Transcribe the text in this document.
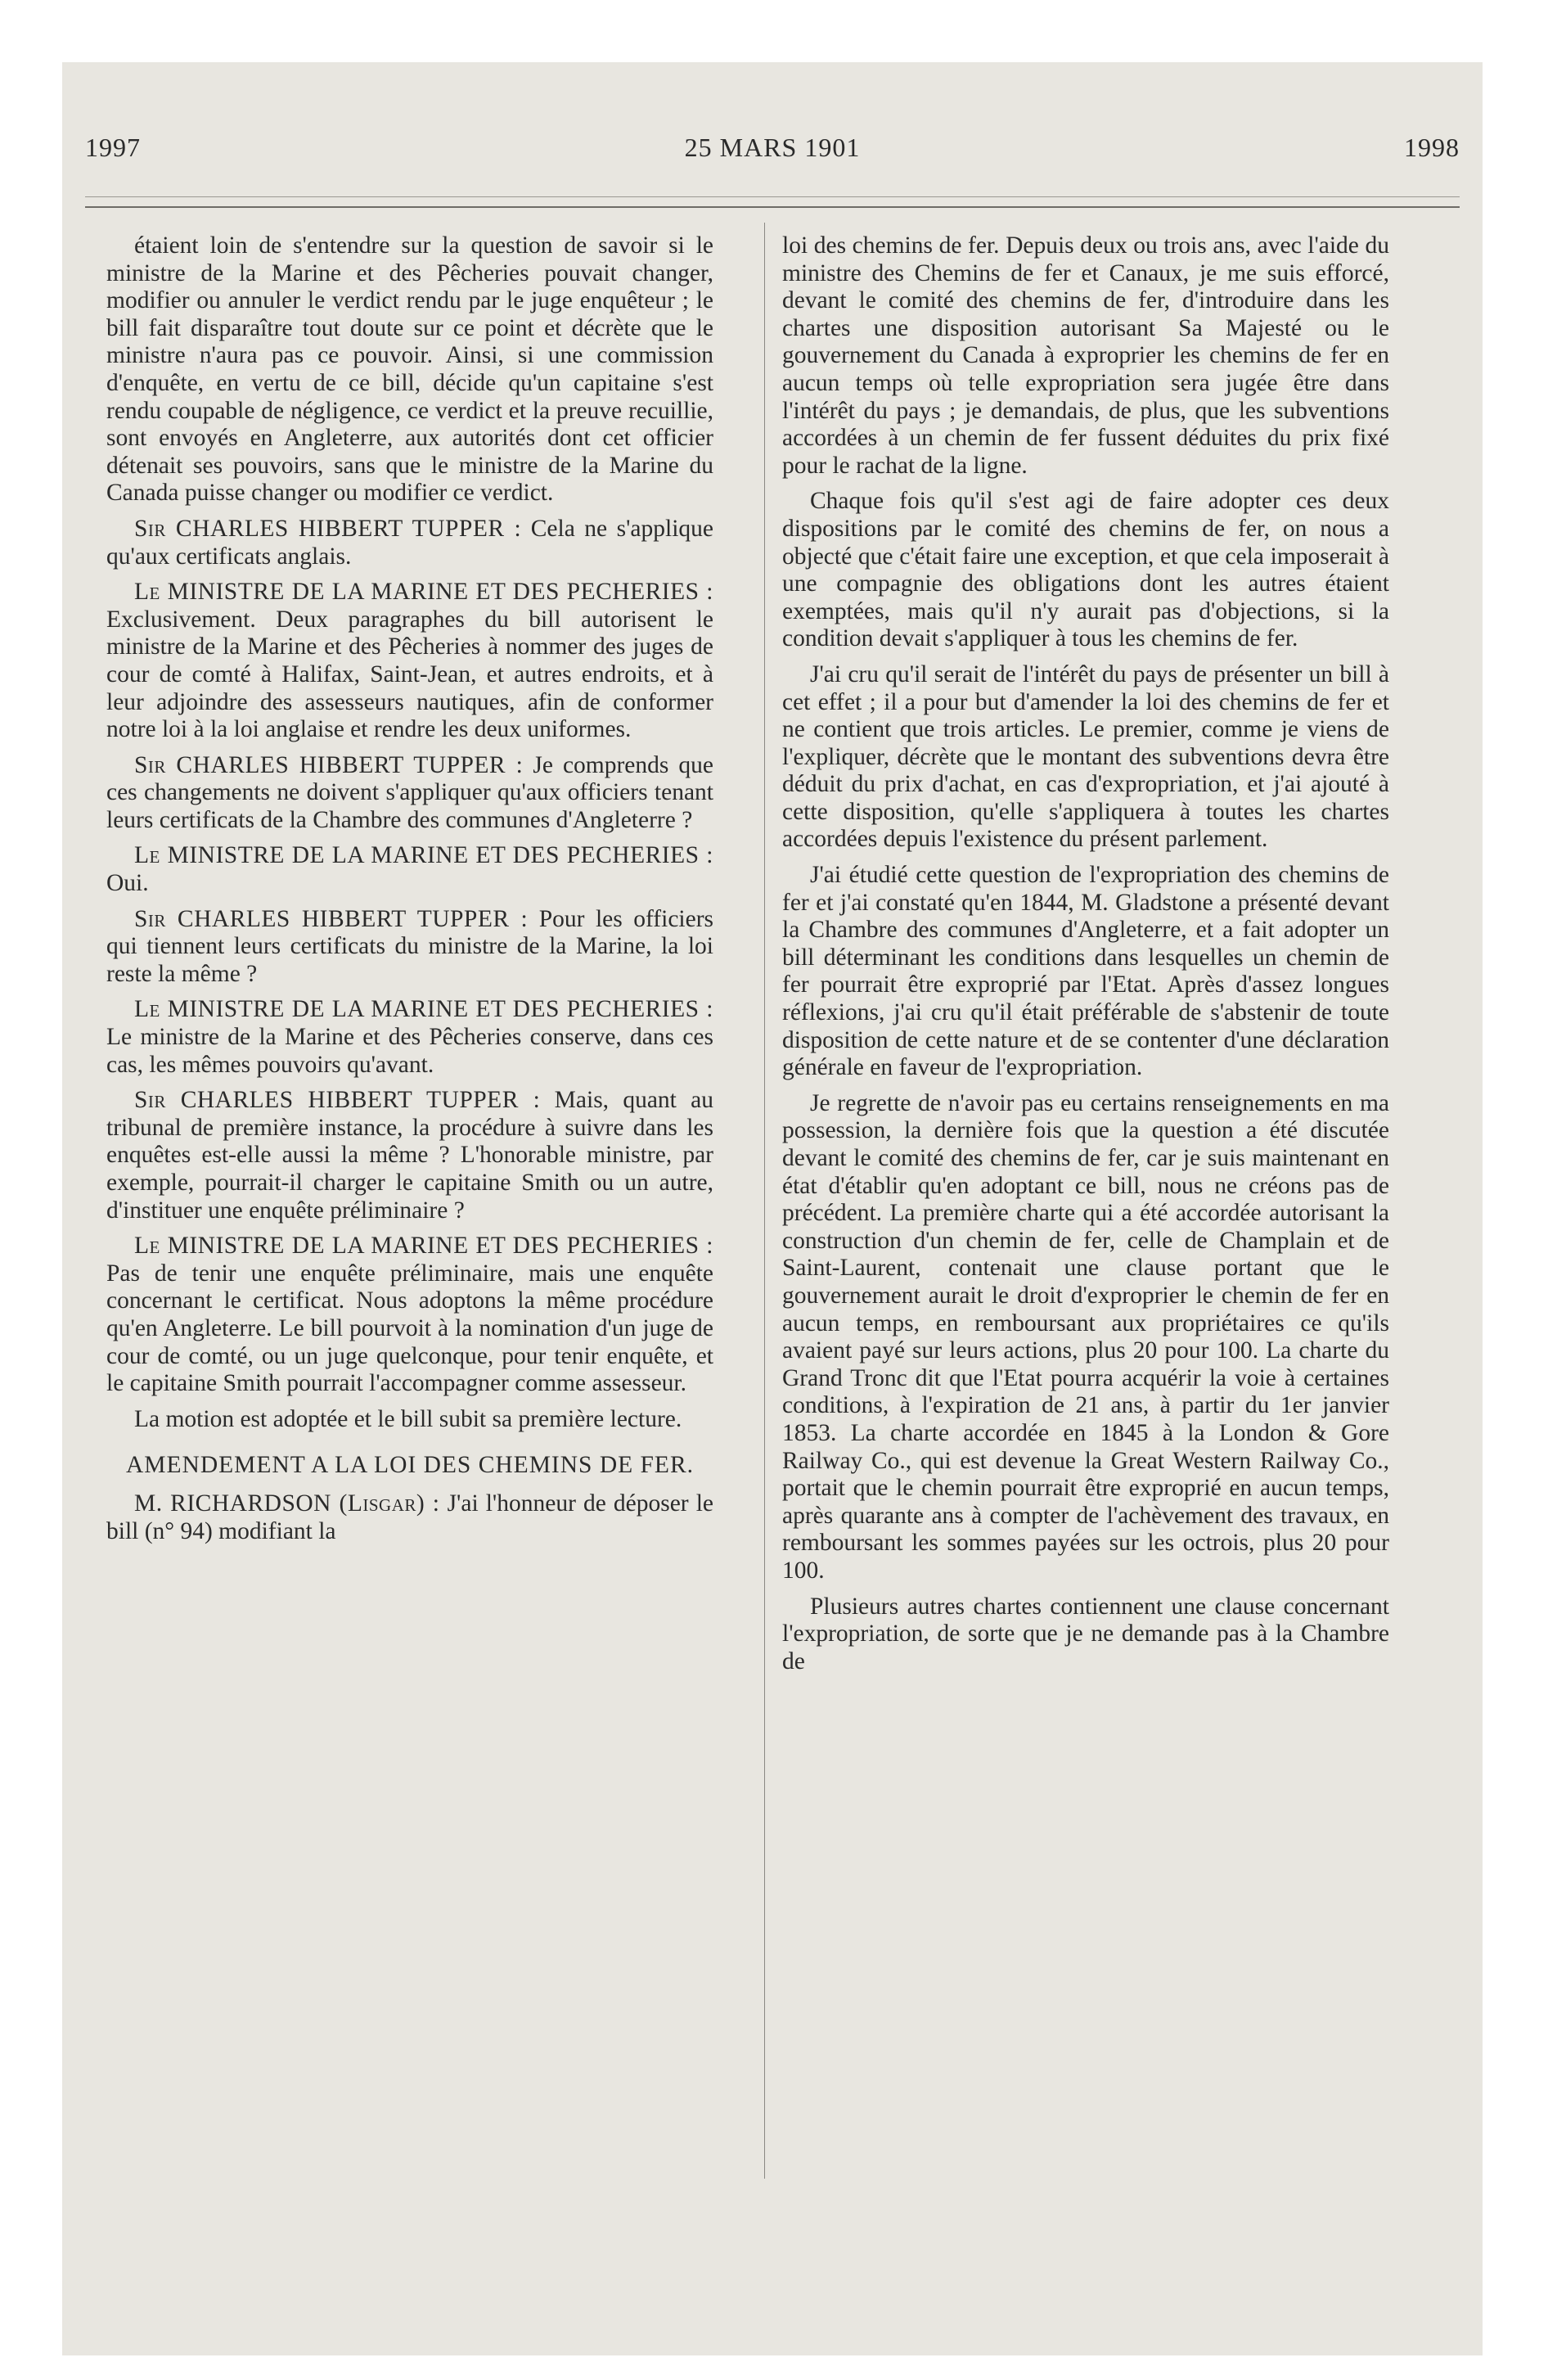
1997	25 MARS 1901	1998

étaient loin de s'entendre sur la question de savoir si le ministre de la Marine et des Pêcheries pouvait changer, modifier ou annuler le verdict rendu par le juge enquêteur ; le bill fait disparaître tout doute sur ce point et décrète que le ministre n'aura pas ce pouvoir. Ainsi, si une commission d'enquête, en vertu de ce bill, décide qu'un capitaine s'est rendu coupable de négligence, ce verdict et la preuve recuillie, sont envoyés en Angleterre, aux autorités dont cet officier détenait ses pouvoirs, sans que le ministre de la Marine du Canada puisse changer ou modifier ce verdict.

Sir CHARLES HIBBERT TUPPER : Cela ne s'applique qu'aux certificats anglais.

Le MINISTRE DE LA MARINE ET DES PECHERIES : Exclusivement. Deux paragraphes du bill autorisent le ministre de la Marine et des Pêcheries à nommer des juges de cour de comté à Halifax, Saint-Jean, et autres endroits, et à leur adjoindre des assesseurs nautiques, afin de conformer notre loi à la loi anglaise et rendre les deux uniformes.

Sir CHARLES HIBBERT TUPPER : Je comprends que ces changements ne doivent s'appliquer qu'aux officiers tenant leurs certificats de la Chambre des communes d'Angleterre ?

Le MINISTRE DE LA MARINE ET DES PECHERIES : Oui.

Sir CHARLES HIBBERT TUPPER : Pour les officiers qui tiennent leurs certificats du ministre de la Marine, la loi reste la même ?

Le MINISTRE DE LA MARINE ET DES PECHERIES : Le ministre de la Marine et des Pêcheries conserve, dans ces cas, les mêmes pouvoirs qu'avant.

Sir CHARLES HIBBERT TUPPER : Mais, quant au tribunal de première instance, la procédure à suivre dans les enquêtes est-elle aussi la même ? L'honorable ministre, par exemple, pourrait-il charger le capitaine Smith ou un autre, d'instituer une enquête préliminaire ?

Le MINISTRE DE LA MARINE ET DES PECHERIES : Pas de tenir une enquête préliminaire, mais une enquête concernant le certificat. Nous adoptons la même procédure qu'en Angleterre. Le bill pourvoit à la nomination d'un juge de cour de comté, ou un juge quelconque, pour tenir enquête, et le capitaine Smith pourrait l'accompagner comme assesseur.

La motion est adoptée et le bill subit sa première lecture.

AMENDEMENT A LA LOI DES CHEMINS DE FER.

M. RICHARDSON (Lisgar) : J'ai l'honneur de déposer le bill (n° 94) modifiant la

loi des chemins de fer. Depuis deux ou trois ans, avec l'aide du ministre des Chemins de fer et Canaux, je me suis efforcé, devant le comité des chemins de fer, d'introduire dans les chartes une disposition autorisant Sa Majesté ou le gouvernement du Canada à exproprier les chemins de fer en aucun temps où telle expropriation sera jugée être dans l'intérêt du pays ; je demandais, de plus, que les subventions accordées à un chemin de fer fussent déduites du prix fixé pour le rachat de la ligne.

Chaque fois qu'il s'est agi de faire adopter ces deux dispositions par le comité des chemins de fer, on nous a objecté que c'était faire une exception, et que cela imposerait à une compagnie des obligations dont les autres étaient exemptées, mais qu'il n'y aurait pas d'objections, si la condition devait s'appliquer à tous les chemins de fer.

J'ai cru qu'il serait de l'intérêt du pays de présenter un bill à cet effet ; il a pour but d'amender la loi des chemins de fer et ne contient que trois articles. Le premier, comme je viens de l'expliquer, décrète que le montant des subventions devra être déduit du prix d'achat, en cas d'expropriation, et j'ai ajouté à cette disposition, qu'elle s'appliquera à toutes les chartes accordées depuis l'existence du présent parlement.

J'ai étudié cette question de l'expropriation des chemins de fer et j'ai constaté qu'en 1844, M. Gladstone a présenté devant la Chambre des communes d'Angleterre, et a fait adopter un bill déterminant les conditions dans lesquelles un chemin de fer pourrait être exproprié par l'Etat. Après d'assez longues réflexions, j'ai cru qu'il était préférable de s'abstenir de toute disposition de cette nature et de se contenter d'une déclaration générale en faveur de l'expropriation.

Je regrette de n'avoir pas eu certains renseignements en ma possession, la dernière fois que la question a été discutée devant le comité des chemins de fer, car je suis maintenant en état d'établir qu'en adoptant ce bill, nous ne créons pas de précédent. La première charte qui a été accordée autorisant la construction d'un chemin de fer, celle de Champlain et de Saint-Laurent, contenait une clause portant que le gouvernement aurait le droit d'exproprier le chemin de fer en aucun temps, en remboursant aux propriétaires ce qu'ils avaient payé sur leurs actions, plus 20 pour 100. La charte du Grand Tronc dit que l'Etat pourra acquérir la voie à certaines conditions, à l'expiration de 21 ans, à partir du 1er janvier 1853. La charte accordée en 1845 à la London & Gore Railway Co., qui est devenue la Great Western Railway Co., portait que le chemin pourrait être exproprié en aucun temps, après quarante ans à compter de l'achèvement des travaux, en remboursant les sommes payées sur les octrois, plus 20 pour 100.

Plusieurs autres chartes contiennent une clause concernant l'expropriation, de sorte que je ne demande pas à la Chambre de
